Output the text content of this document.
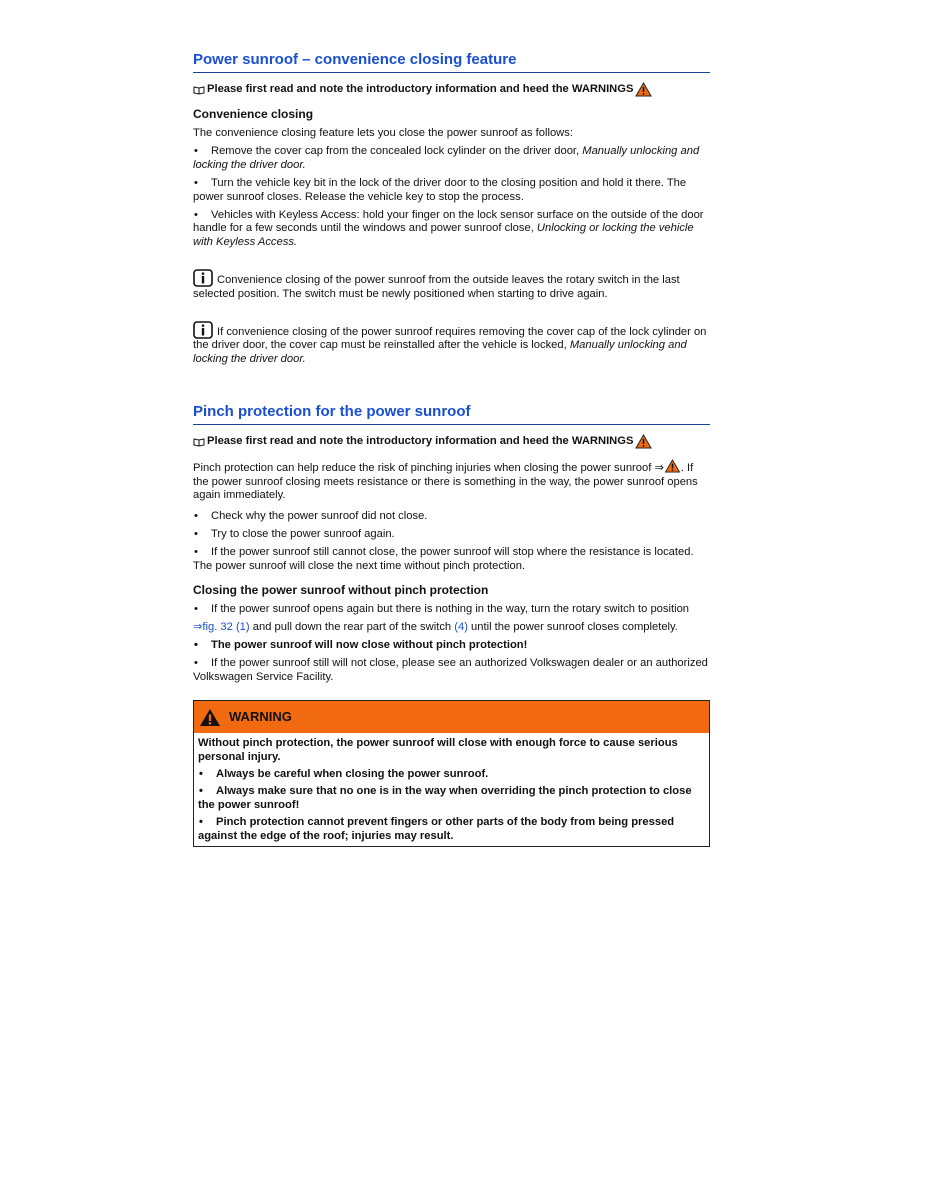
Power sunroof – convenience closing feature
Please first read and note the introductory information and heed the WARNINGS
Convenience closing

The convenience closing feature lets you close the power sunroof as follows:

• Remove the cover cap from the concealed lock cylinder on the driver door, Manually unlocking and locking the driver door.
• Turn the vehicle key bit in the lock of the driver door to the closing position and hold it there. The power sunroof closes. Release the vehicle key to stop the process.
• Vehicles with Keyless Access: hold your finger on the lock sensor surface on the outside of the door handle for a few seconds until the windows and power sunroof close, Unlocking or locking the vehicle with Keyless Access.

Convenience closing of the power sunroof from the outside leaves the rotary switch in the last selected position. The switch must be newly positioned when starting to drive again.

If convenience closing of the power sunroof requires removing the cover cap of the lock cylinder on the driver door, the cover cap must be reinstalled after the vehicle is locked, Manually unlocking and locking the driver door.

Pinch protection for the power sunroof
Please first read and note the introductory information and heed the WARNINGS

Pinch protection can help reduce the risk of pinching injuries when closing the power sunroof ⇒ . If the power sunroof closing meets resistance or there is something in the way, the power sunroof opens again immediately.

• Check why the power sunroof did not close.
• Try to close the power sunroof again.
• If the power sunroof still cannot close, the power sunroof will stop where the resistance is located. The power sunroof will close the next time without pinch protection.
Closing the power sunroof without pinch protection
• If the power sunroof opens again but there is nothing in the way, turn the rotary switch to position
⇒fig. 32 (1) and pull down the rear part of the switch (4) until the power sunroof closes completely.
• The power sunroof will now close without pinch protection!
• If the power sunroof still will not close, please see an authorized Volkswagen dealer or an authorized Volkswagen Service Facility.
WARNING

Without pinch protection, the power sunroof will close with enough force to cause serious personal injury.

• Always be careful when closing the power sunroof.
• Always make sure that no one is in the way when overriding the pinch protection to close the power sunroof!
• Pinch protection cannot prevent fingers or other parts of the body from being pressed against the edge of the roof; injuries may result.
